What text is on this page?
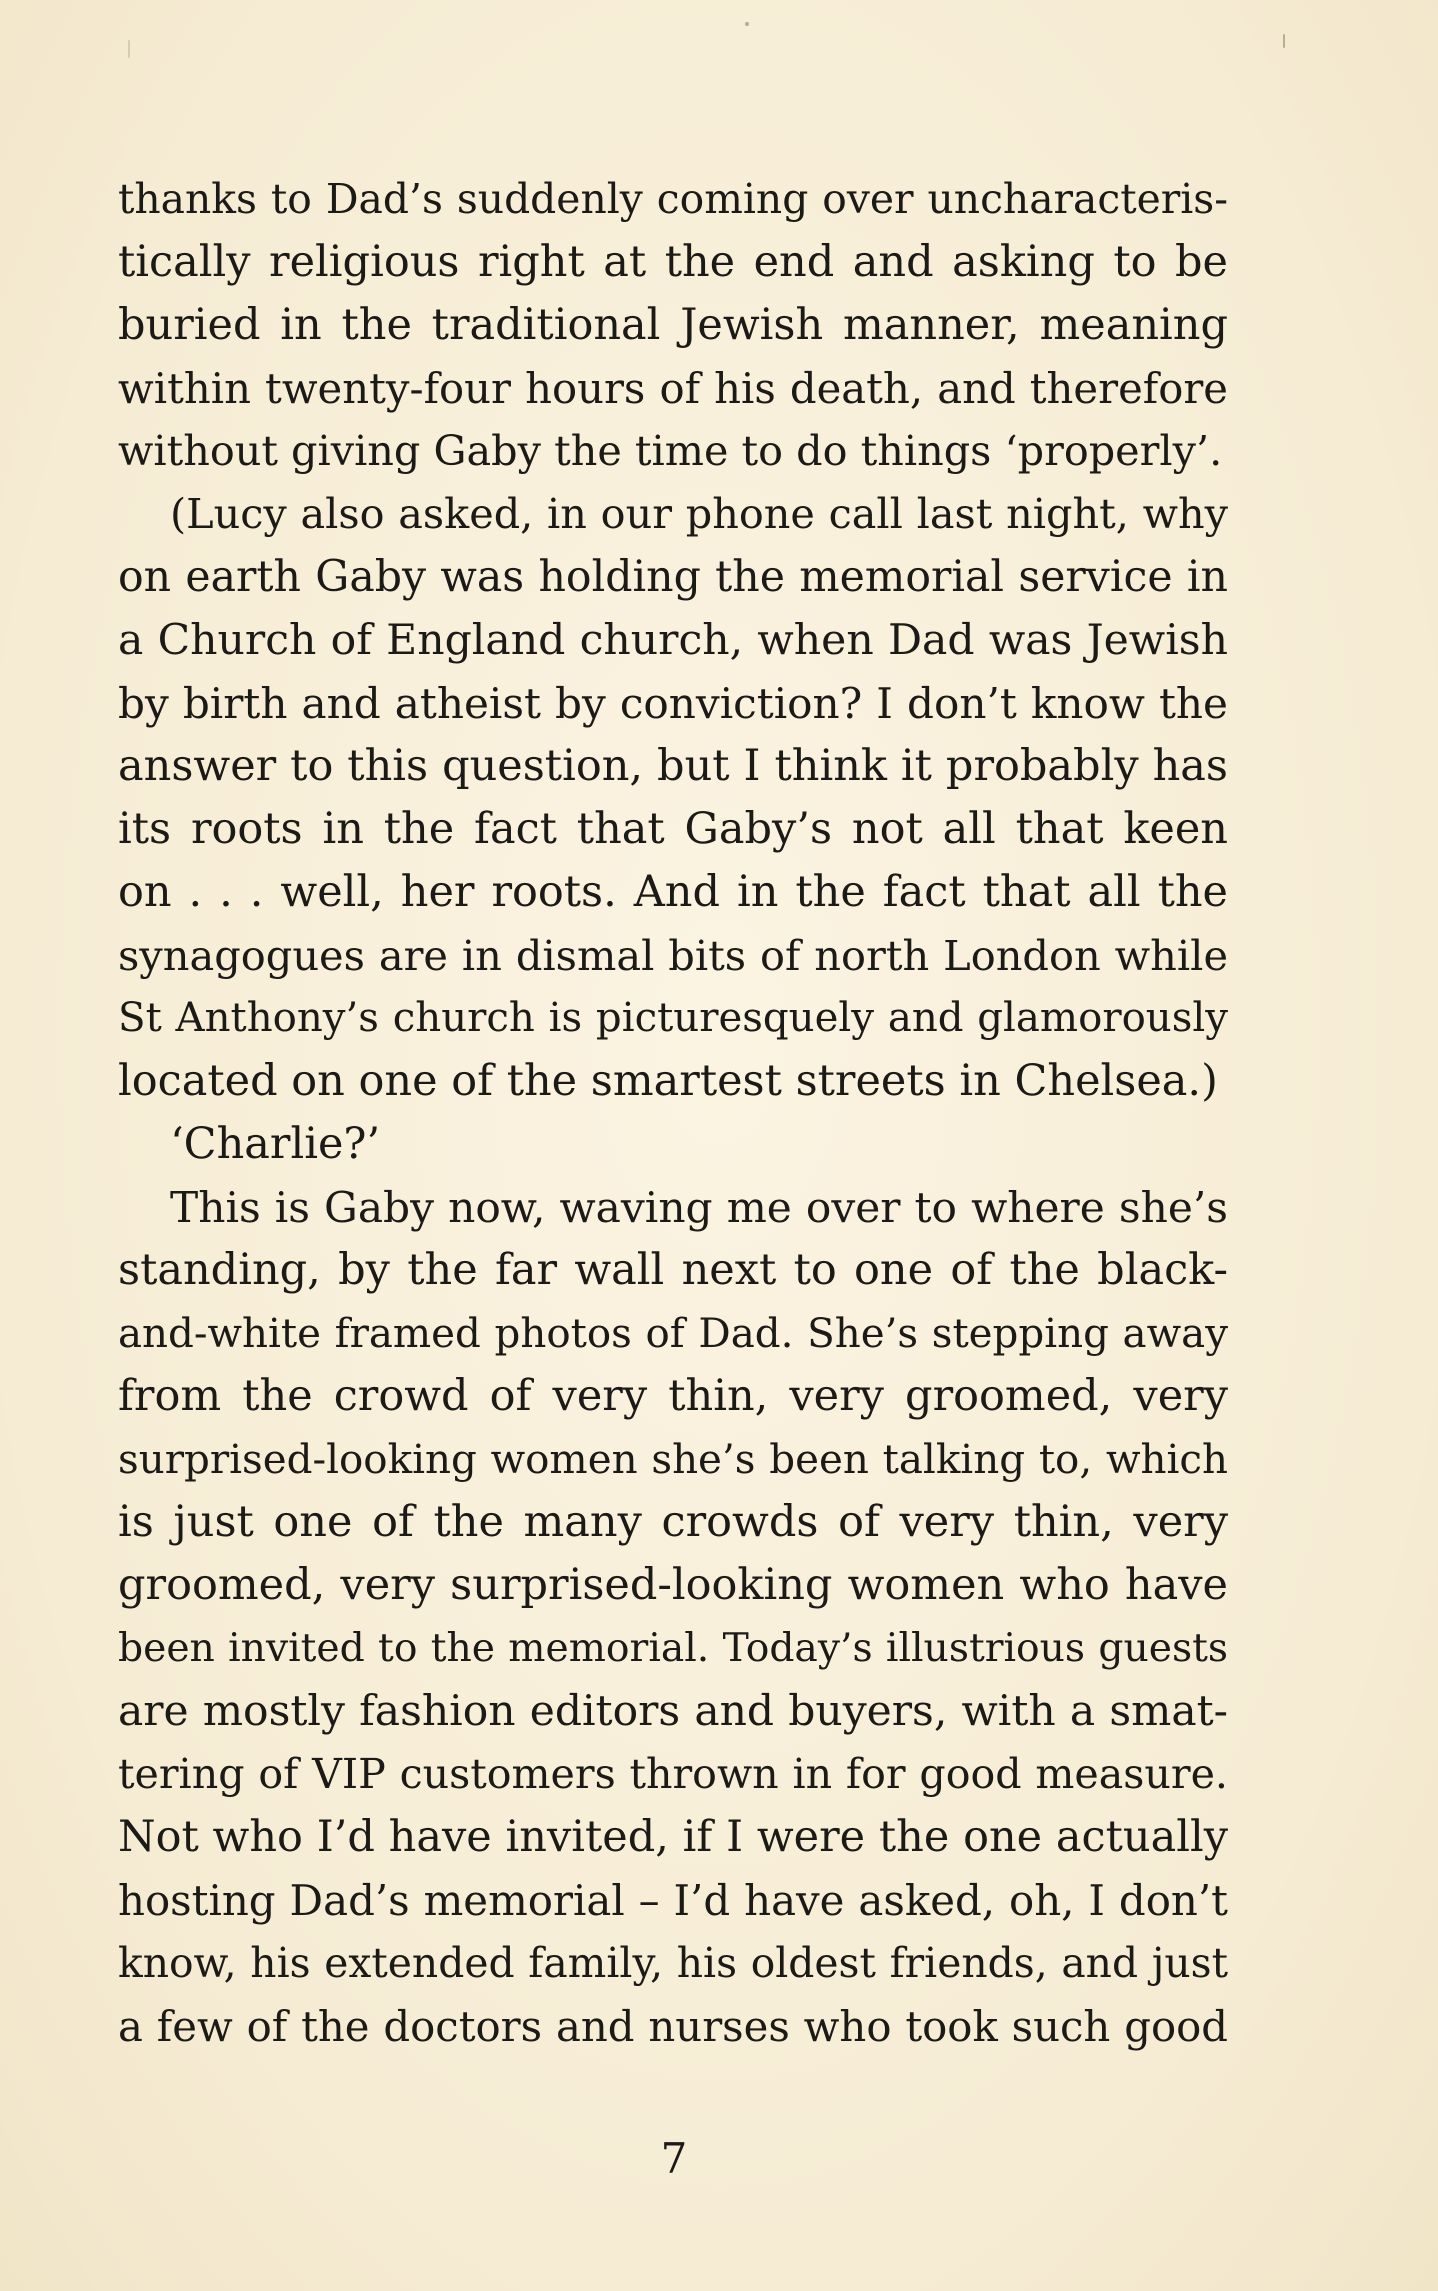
thanks to Dad’s suddenly coming over uncharacteris-
tically religious right at the end and asking to be
buried in the traditional Jewish manner, meaning
within twenty-four hours of his death, and therefore
without giving Gaby the time to do things ‘properly’.

(Lucy also asked, in our phone call last night, why
on earth Gaby was holding the memorial service in
a Church of England church, when Dad was Jewish
by birth and atheist by conviction? I don’t know the
answer to this question, but I think it probably has
its roots in the fact that Gaby’s not all that keen
on . . . well, her roots. And in the fact that all the
synagogues are in dismal bits of north London while
St Anthony’s church is picturesquely and glamorously
located on one of the smartest streets in Chelsea.)

‘Charlie?’

This is Gaby now, waving me over to where she’s
standing, by the far wall next to one of the black-
and-white framed photos of Dad. She’s stepping away
from the crowd of very thin, very groomed, very
surprised-looking women she’s been talking to, which
is just one of the many crowds of very thin, very
groomed, very surprised-looking women who have
been invited to the memorial. Today’s illustrious guests
are mostly fashion editors and buyers, with a smat-
tering of VIP customers thrown in for good measure.
Not who I’d have invited, if I were the one actually
hosting Dad’s memorial – I’d have asked, oh, I don’t
know, his extended family, his oldest friends, and just
a few of the doctors and nurses who took such good

7
